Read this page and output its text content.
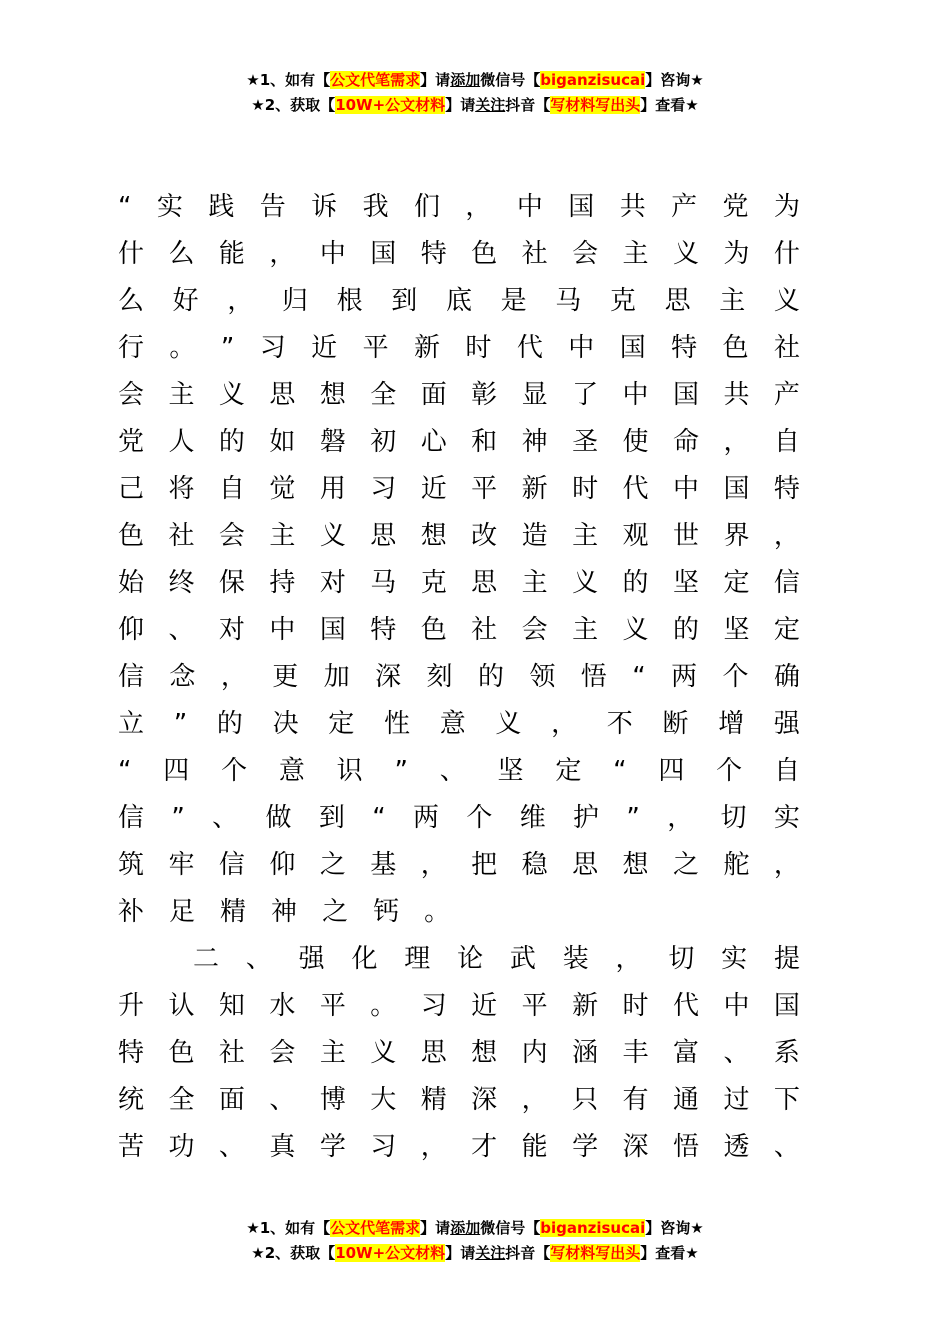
★1、如有【公文代笔需求】请添加微信号【biganzisucai】咨询★
★2、获取【10W+公文材料】请关注抖音【写材料写出头】查看★
“ 实 践 告 诉 我 们 ， 中 国 共 产 党 为
什 么 能 ， 中 国 特 色 社 会 主 义 为 什
么 好 ， 归 根 到 底 是 马 克 思 主 义
行 。 ” 习 近 平 新 时 代 中 国 特 色 社
会 主 义 思 想 全 面 彰 显 了 中 国 共 产
党 人 的 如 磐 初 心 和 神 圣 使 命 ， 自
己 将 自 觉 用 习 近 平 新 时 代 中 国 特
色 社 会 主 义 思 想 改 造 主 观 世 界 ，
始 终 保 持 对 马 克 思 主 义 的 坚 定 信
仰 、 对 中 国 特 色 社 会 主 义 的 坚 定
信 念 ， 更 加 深 刻 的 领 悟 “ 两 个 确
立 ” 的 决 定 性 意 义 ， 不 断 增 强
“ 四 个 意 识 ” 、 坚 定 “ 四 个 自
信 ” 、 做 到 “ 两 个 维 护 ” ， 切 实
筑 牢 信 仰 之 基 ， 把 稳 思 想 之 舵 ，
补 足 精 神 之 钙 。
二 、 强 化 理 论 武 装 ， 切 实 提
升 认 知 水 平 。 习 近 平 新 时 代 中 国
特 色 社 会 主 义 思 想 内 涵 丰 富 、 系
统 全 面 、 博 大 精 深 ， 只 有 通 过 下
苦 功 、 真 学 习 ， 才 能 学 深 悟 透 、
★1、如有【公文代笔需求】请添加微信号【biganzisucai】咨询★
★2、获取【10W+公文材料】请关注抖音【写材料写出头】查看★
